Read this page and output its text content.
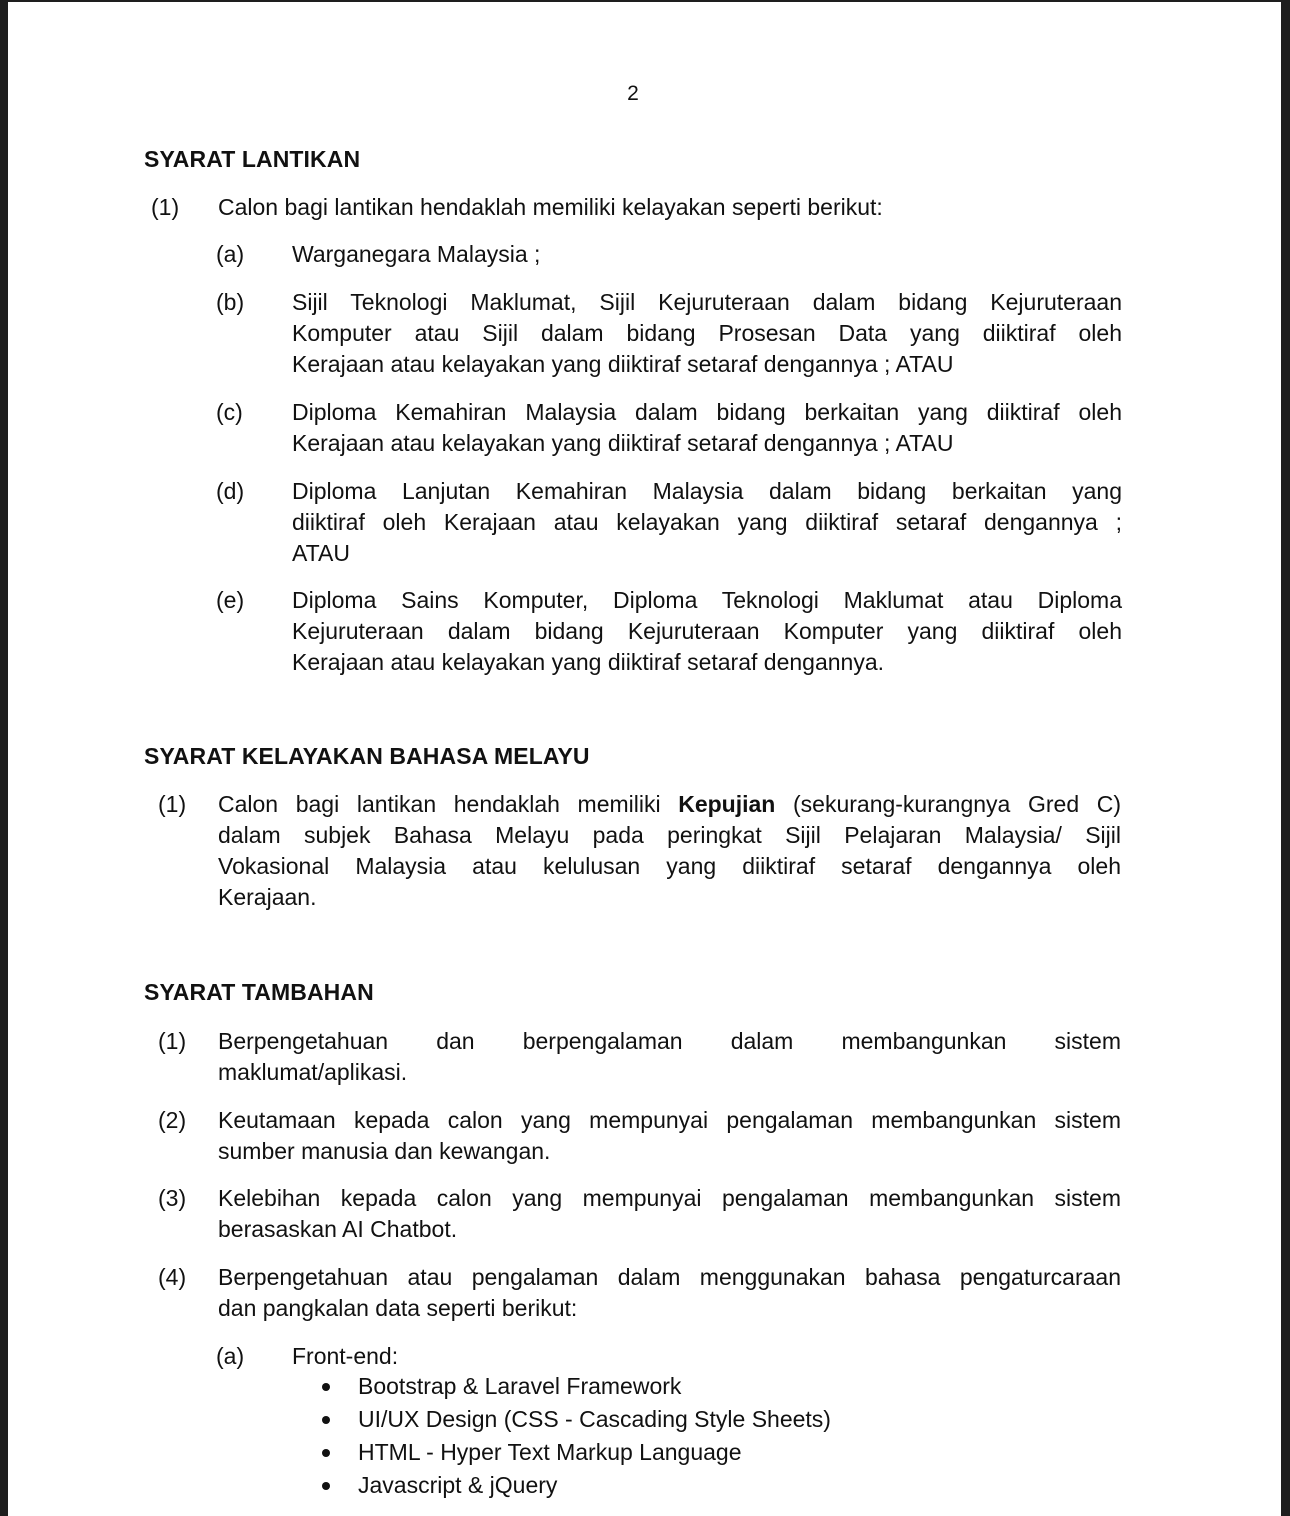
2
SYARAT LANTIKAN
(1) Calon bagi lantikan hendaklah memiliki kelayakan seperti berikut:
(a) Warganegara Malaysia ;
(b) Sijil Teknologi Maklumat, Sijil Kejuruteraan dalam bidang Kejuruteraan
Komputer atau Sijil dalam bidang Prosesan Data yang diiktiraf oleh
Kerajaan atau kelayakan yang diiktiraf setaraf dengannya ; ATAU
(c) Diploma Kemahiran Malaysia dalam bidang berkaitan yang diiktiraf oleh
Kerajaan atau kelayakan yang diiktiraf setaraf dengannya ; ATAU
(d) Diploma Lanjutan Kemahiran Malaysia dalam bidang berkaitan yang
diiktiraf oleh Kerajaan atau kelayakan yang diiktiraf setaraf dengannya ;
ATAU
(e) Diploma Sains Komputer, Diploma Teknologi Maklumat atau Diploma
Kejuruteraan dalam bidang Kejuruteraan Komputer yang diiktiraf oleh
Kerajaan atau kelayakan yang diiktiraf setaraf dengannya.
SYARAT KELAYAKAN BAHASA MELAYU
(1) Calon bagi lantikan hendaklah memiliki Kepujian (sekurang-kurangnya Gred C)
dalam subjek Bahasa Melayu pada peringkat Sijil Pelajaran Malaysia/ Sijil
Vokasional Malaysia atau kelulusan yang diiktiraf setaraf dengannya oleh
Kerajaan.
SYARAT TAMBAHAN
(1) Berpengetahuan dan berpengalaman dalam membangunkan sistem
maklumat/aplikasi.
(2) Keutamaan kepada calon yang mempunyai pengalaman membangunkan sistem
sumber manusia dan kewangan.
(3) Kelebihan kepada calon yang mempunyai pengalaman membangunkan sistem
berasaskan AI Chatbot.
(4) Berpengetahuan atau pengalaman dalam menggunakan bahasa pengaturcaraan
dan pangkalan data seperti berikut:
(a) Front-end:
Bootstrap & Laravel Framework
UI/UX Design (CSS - Cascading Style Sheets)
HTML - Hyper Text Markup Language
Javascript & jQuery
